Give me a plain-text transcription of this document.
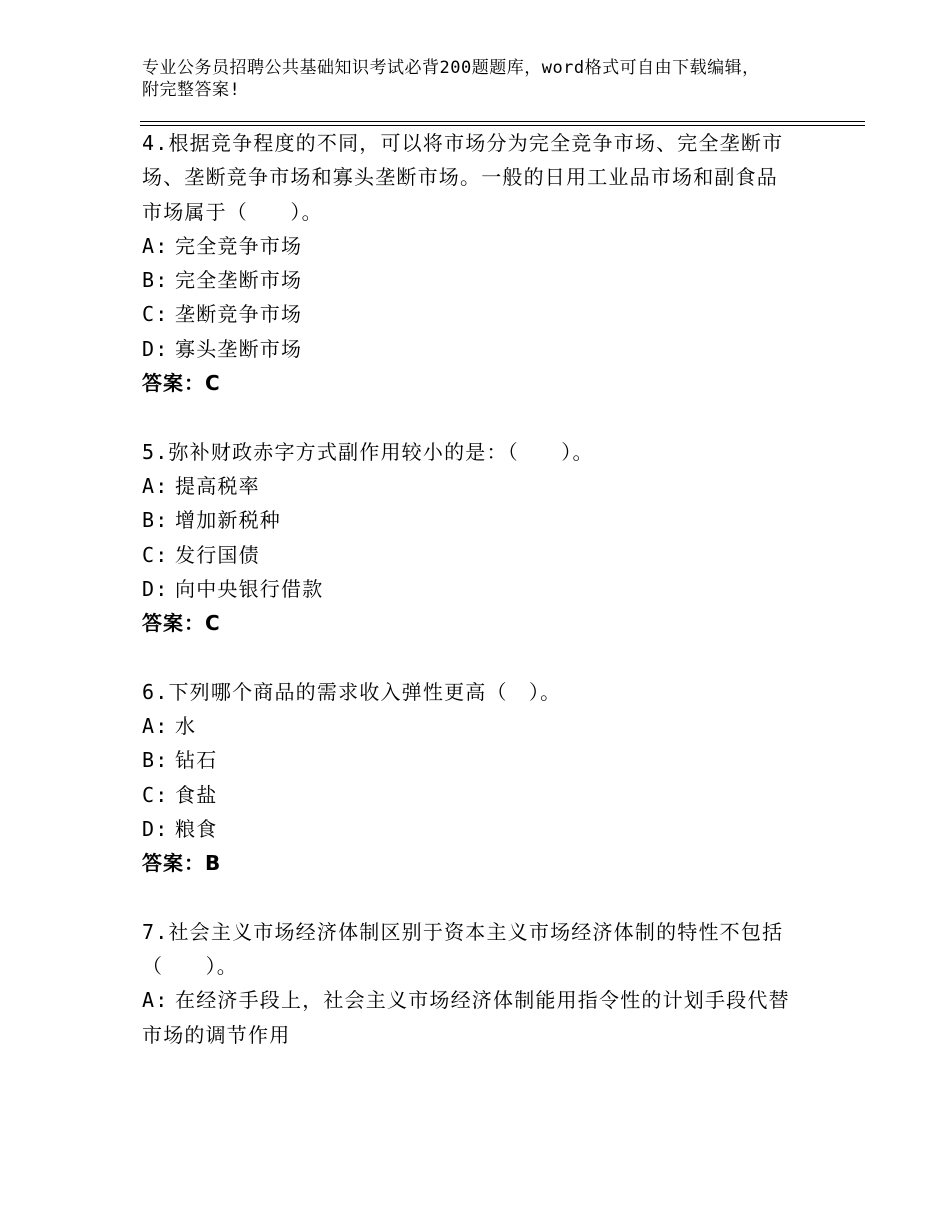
专业公务员招聘公共基础知识考试必背200题题库，word格式可自由下载编辑，
附完整答案!
4.根据竞争程度的不同，可以将市场分为完全竞争市场、完全垄断市
场、垄断竞争市场和寡头垄断市场。一般的日用工业品市场和副食品
市场属于（　　）。
A: 完全竞争市场
B: 完全垄断市场
C: 垄断竞争市场
D: 寡头垄断市场
答案：C
5.弥补财政赤字方式副作用较小的是：（　　）。
A: 提高税率
B: 增加新税种
C: 发行国债
D: 向中央银行借款
答案：C
6.下列哪个商品的需求收入弹性更高（　）。
A: 水
B: 钻石
C: 食盐
D: 粮食
答案：B
7.社会主义市场经济体制区别于资本主义市场经济体制的特性不包括
（　　）。
A: 在经济手段上，社会主义市场经济体制能用指令性的计划手段代替
市场的调节作用
